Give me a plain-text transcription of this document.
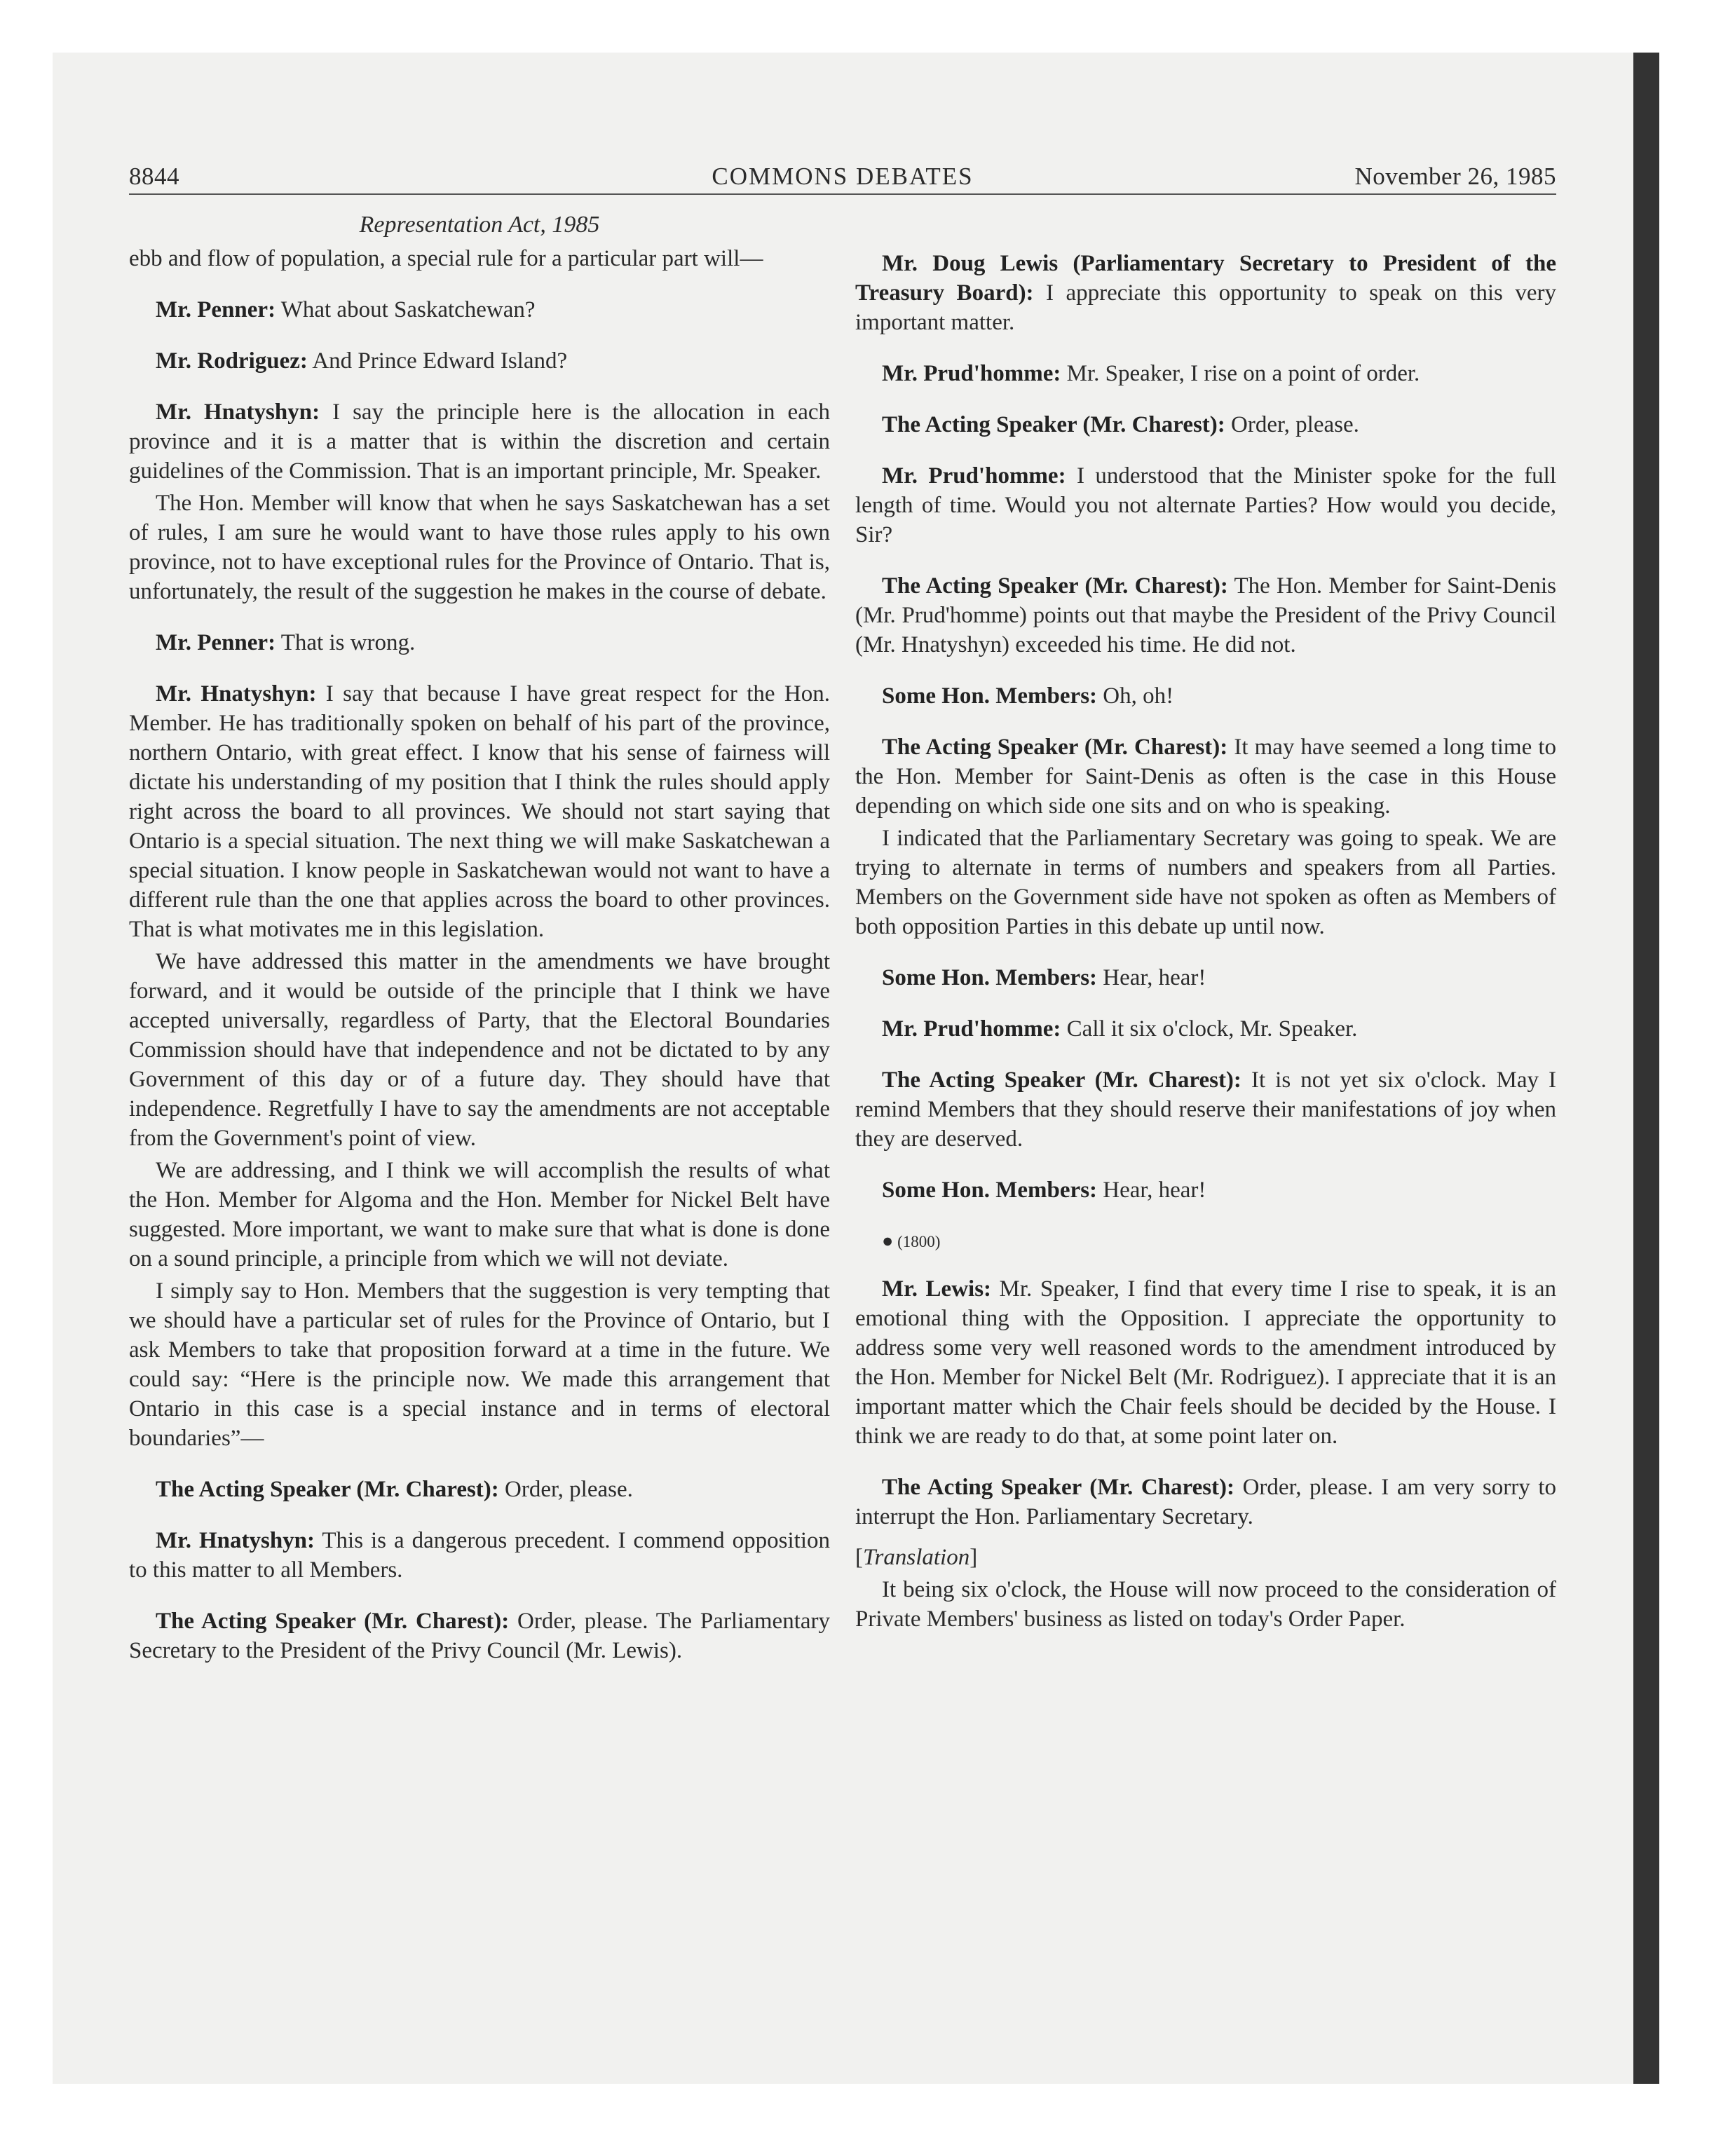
8844	COMMONS DEBATES	November 26, 1985
Representation Act, 1985

ebb and flow of population, a special rule for a particular part will—

Mr. Penner: What about Saskatchewan?

Mr. Rodriguez: And Prince Edward Island?

Mr. Hnatyshyn: I say the principle here is the allocation in each province and it is a matter that is within the discretion and certain guidelines of the Commission. That is an important principle, Mr. Speaker.

The Hon. Member will know that when he says Saskatchewan has a set of rules, I am sure he would want to have those rules apply to his own province, not to have exceptional rules for the Province of Ontario. That is, unfortunately, the result of the suggestion he makes in the course of debate.

Mr. Penner: That is wrong.

Mr. Hnatyshyn: I say that because I have great respect for the Hon. Member. He has traditionally spoken on behalf of his part of the province, northern Ontario, with great effect. I know that his sense of fairness will dictate his understanding of my position that I think the rules should apply right across the board to all provinces. We should not start saying that Ontario is a special situation. The next thing we will make Saskatchewan a special situation. I know people in Saskatchewan would not want to have a different rule than the one that applies across the board to other provinces. That is what motivates me in this legislation.

We have addressed this matter in the amendments we have brought forward, and it would be outside of the principle that I think we have accepted universally, regardless of Party, that the Electoral Boundaries Commission should have that independence and not be dictated to by any Government of this day or of a future day. They should have that independence. Regretfully I have to say the amendments are not acceptable from the Government's point of view.

We are addressing, and I think we will accomplish the results of what the Hon. Member for Algoma and the Hon. Member for Nickel Belt have suggested. More important, we want to make sure that what is done is done on a sound principle, a principle from which we will not deviate.

I simply say to Hon. Members that the suggestion is very tempting that we should have a particular set of rules for the Province of Ontario, but I ask Members to take that proposition forward at a time in the future. We could say: “Here is the principle now. We made this arrangement that Ontario in this case is a special instance and in terms of electoral boundaries”—

The Acting Speaker (Mr. Charest): Order, please.

Mr. Hnatyshyn: This is a dangerous precedent. I commend opposition to this matter to all Members.

The Acting Speaker (Mr. Charest): Order, please. The Parliamentary Secretary to the President of the Privy Council (Mr. Lewis).

Mr. Doug Lewis (Parliamentary Secretary to President of the Treasury Board): I appreciate this opportunity to speak on this very important matter.

Mr. Prud'homme: Mr. Speaker, I rise on a point of order.

The Acting Speaker (Mr. Charest): Order, please.

Mr. Prud'homme: I understood that the Minister spoke for the full length of time. Would you not alternate Parties? How would you decide, Sir?

The Acting Speaker (Mr. Charest): The Hon. Member for Saint-Denis (Mr. Prud'homme) points out that maybe the President of the Privy Council (Mr. Hnatyshyn) exceeded his time. He did not.

Some Hon. Members: Oh, oh!

The Acting Speaker (Mr. Charest): It may have seemed a long time to the Hon. Member for Saint-Denis as often is the case in this House depending on which side one sits and on who is speaking.

I indicated that the Parliamentary Secretary was going to speak. We are trying to alternate in terms of numbers and speakers from all Parties. Members on the Government side have not spoken as often as Members of both opposition Parties in this debate up until now.

Some Hon. Members: Hear, hear!

Mr. Prud'homme: Call it six o'clock, Mr. Speaker.

The Acting Speaker (Mr. Charest): It is not yet six o'clock. May I remind Members that they should reserve their manifestations of joy when they are deserved.

Some Hon. Members: Hear, hear!

● (1800)

Mr. Lewis: Mr. Speaker, I find that every time I rise to speak, it is an emotional thing with the Opposition. I appreciate the opportunity to address some very well reasoned words to the amendment introduced by the Hon. Member for Nickel Belt (Mr. Rodriguez). I appreciate that it is an important matter which the Chair feels should be decided by the House. I think we are ready to do that, at some point later on.

The Acting Speaker (Mr. Charest): Order, please. I am very sorry to interrupt the Hon. Parliamentary Secretary.

[Translation]

It being six o'clock, the House will now proceed to the consideration of Private Members' business as listed on today's Order Paper.
